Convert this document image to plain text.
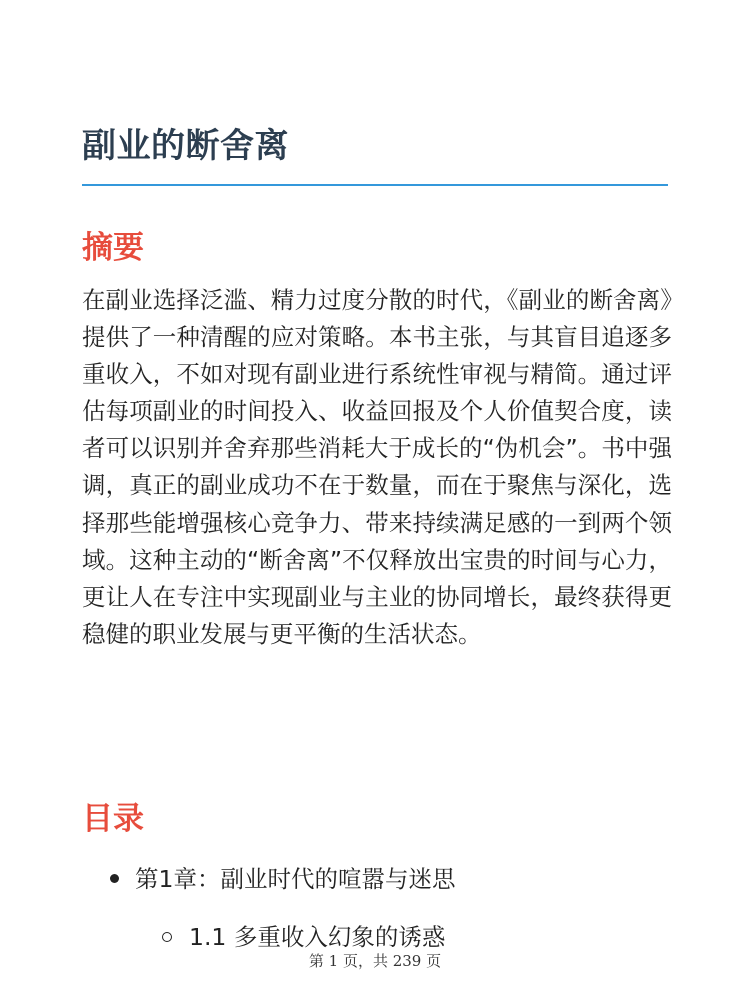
副业的断舍离
摘要

在副业选择泛滥、精力过度分散的时代，《副业的断舍离》提供了一种清醒的应对策略。本书主张，与其盲目追逐多重收入，不如对现有副业进行系统性审视与精简。通过评估每项副业的时间投入、收益回报及个人价值契合度，读者可以识别并舍弃那些消耗大于成长的“伪机会”。书中强调，真正的副业成功不在于数量，而在于聚焦与深化，选择那些能增强核心竞争力、带来持续满足感的一到两个领域。这种主动的“断舍离”不仅释放出宝贵的时间与心力，更让人在专注中实现副业与主业的协同增长，最终获得更稳健的职业发展与更平衡的生活状态。

目录
第1章：副业时代的喧嚣与迷思
1.1 多重收入幻象的诱惑
第 1 页，共 239 页
